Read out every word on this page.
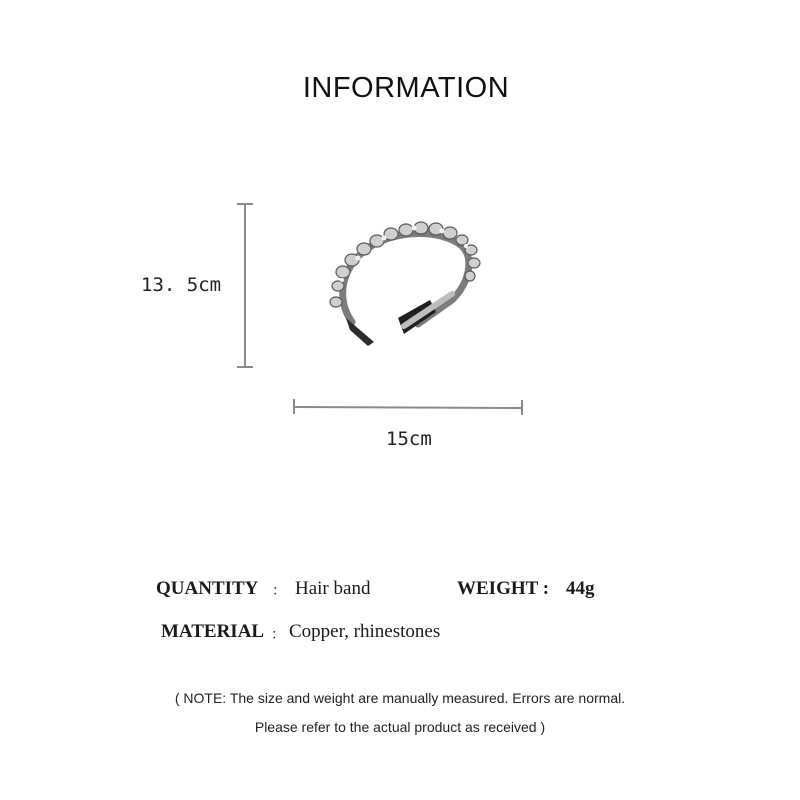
INFORMATION
13. 5cm
15cm
QUANTITY ： Hair band	WEIGHT : 44g
MATERIAL ： Copper, rhinestones
( NOTE: The size and weight are manually measured. Errors are normal.
Please refer to the actual product as received )
